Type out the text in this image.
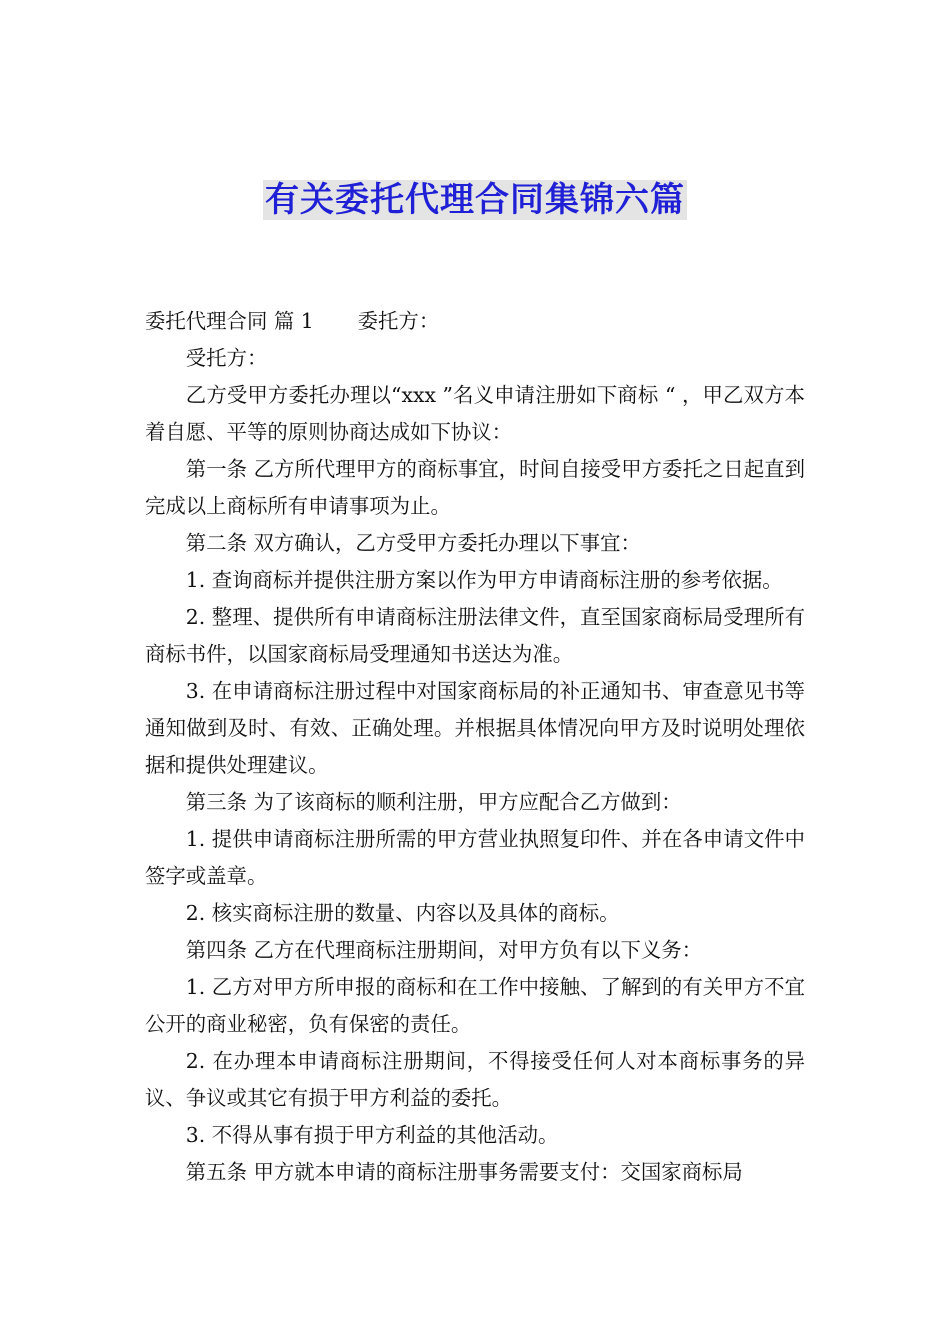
有关委托代理合同集锦六篇

委托代理合同 篇 1 委托方：

受托方：

乙方受甲方委托办理以“xxx ”名义申请注册如下商标 “ ，甲乙双方本着自愿、平等的原则协商达成如下协议：

第一条 乙方所代理甲方的商标事宜，时间自接受甲方委托之日起直到完成以上商标所有申请事项为止。

第二条 双方确认，乙方受甲方委托办理以下事宜：

1. 查询商标并提供注册方案以作为甲方申请商标注册的参考依据。

2. 整理、提供所有申请商标注册法律文件，直至国家商标局受理所有商标书件，以国家商标局受理通知书送达为准。

3. 在申请商标注册过程中对国家商标局的补正通知书、审查意见书等通知做到及时、有效、正确处理。并根据具体情况向甲方及时说明处理依据和提供处理建议。

第三条 为了该商标的顺利注册，甲方应配合乙方做到：

1. 提供申请商标注册所需的甲方营业执照复印件、并在各申请文件中签字或盖章。

2. 核实商标注册的数量、内容以及具体的商标。

第四条 乙方在代理商标注册期间，对甲方负有以下义务：

1. 乙方对甲方所申报的商标和在工作中接触、了解到的有关甲方不宜公开的商业秘密，负有保密的责任。

2. 在办理本申请商标注册期间，不得接受任何人对本商标事务的异议、争议或其它有损于甲方利益的委托。

3. 不得从事有损于甲方利益的其他活动。

第五条 甲方就本申请的商标注册事务需要支付：交国家商标局
